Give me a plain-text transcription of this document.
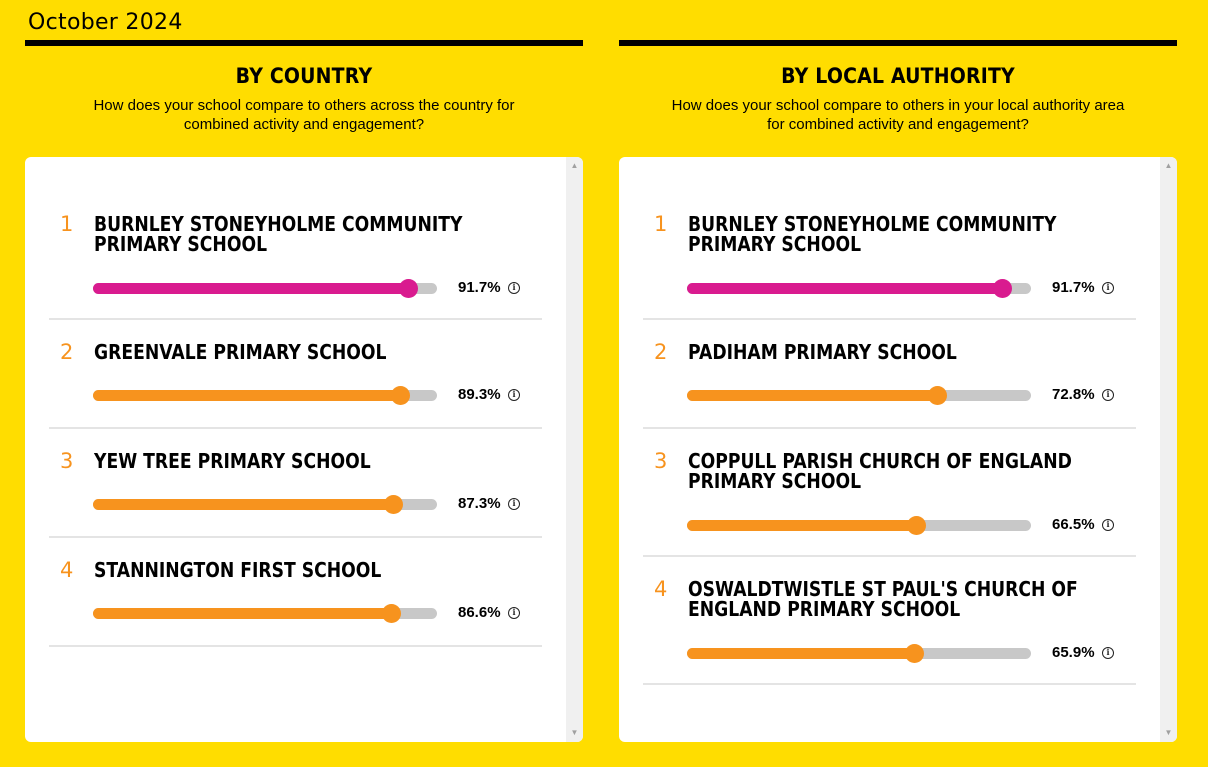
October 2024
BY COUNTRY
How does your school compare to others across the country for combined activity and engagement?
1 BURNLEY STONEYHOLME COMMUNITY PRIMARY SCHOOL
91.7%	i
2 GREENVALE PRIMARY SCHOOL
89.3%	i
3 YEW TREE PRIMARY SCHOOL
87.3%	i
4 STANNINGTON FIRST SCHOOL
86.6%	i
▲
▼
BY LOCAL AUTHORITY
How does your school compare to others in your local authority area for combined activity and engagement?
1 BURNLEY STONEYHOLME COMMUNITY PRIMARY SCHOOL
91.7%	i
2 PADIHAM PRIMARY SCHOOL
72.8%	i
3 COPPULL PARISH CHURCH OF ENGLAND PRIMARY SCHOOL
66.5%	i
4 OSWALDTWISTLE ST PAUL'S CHURCH OF ENGLAND PRIMARY SCHOOL
65.9%	i
▲
▼
